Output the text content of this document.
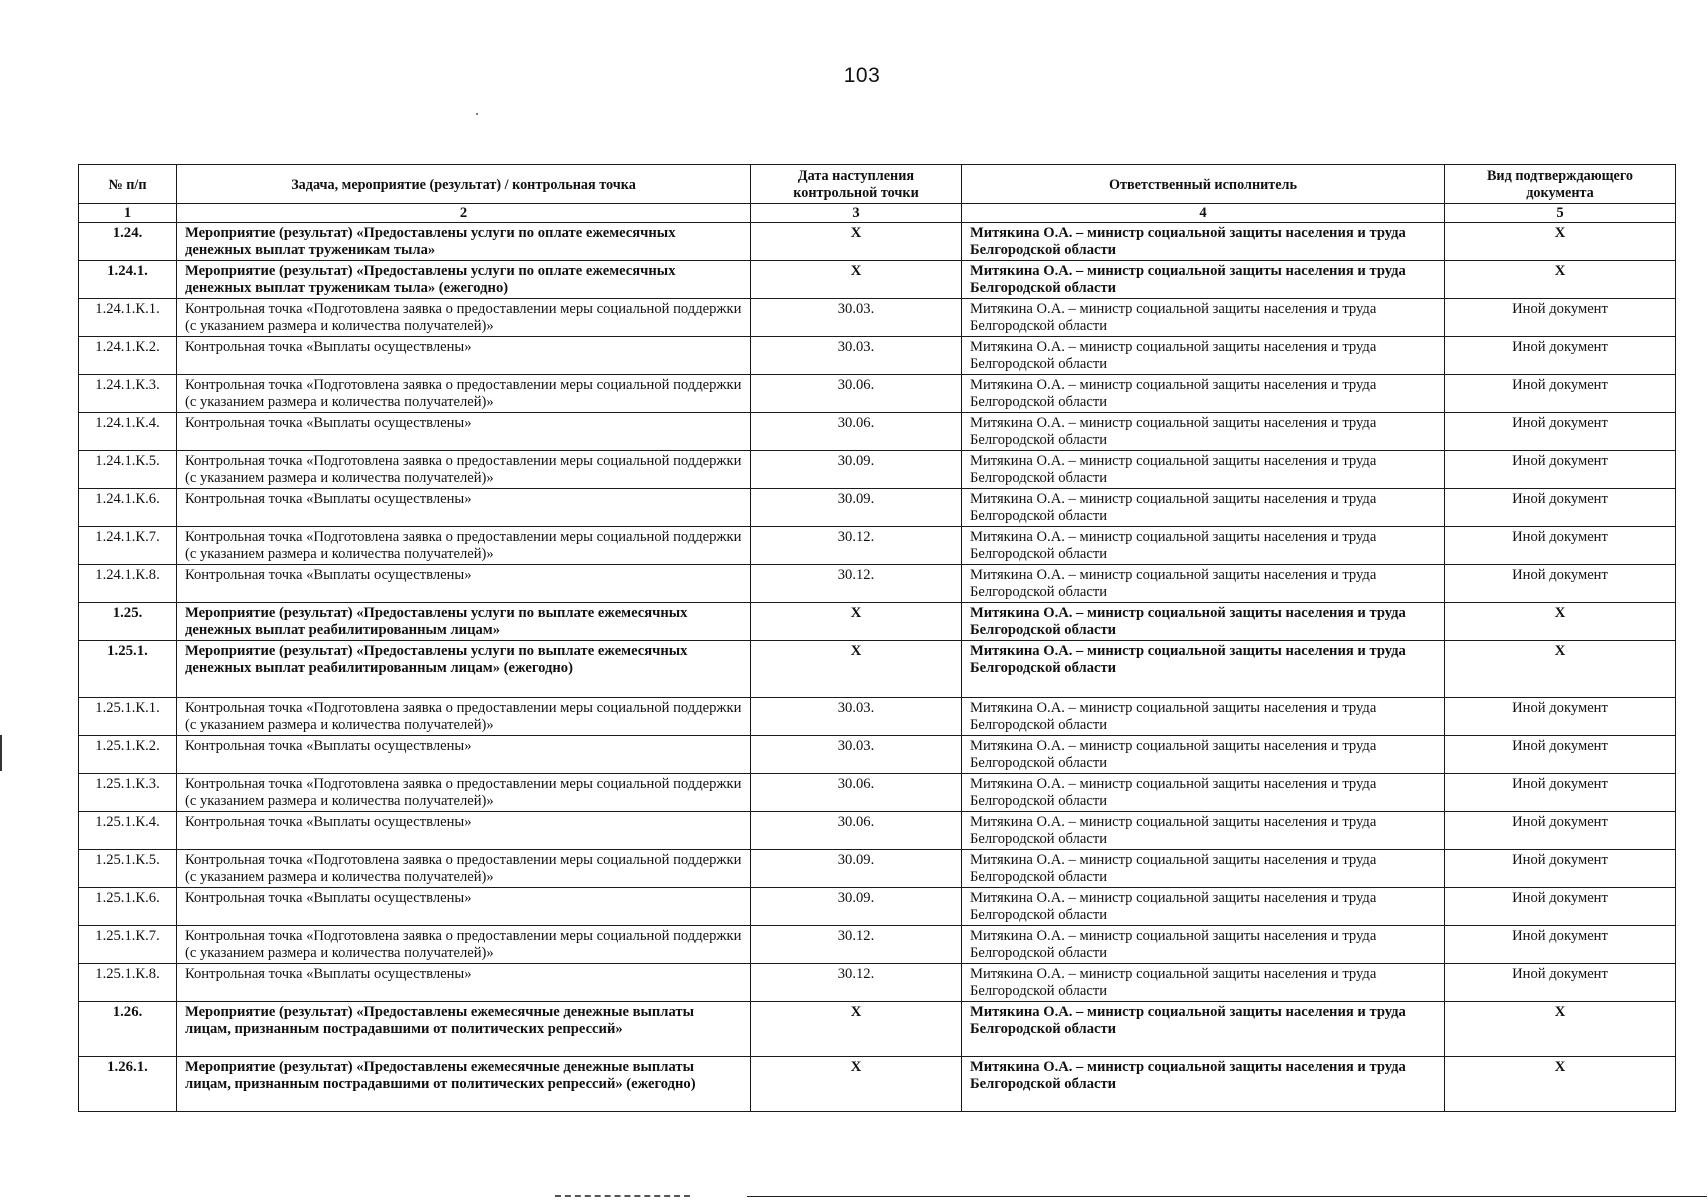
103
№ п/п	Задача, мероприятие (результат) / контрольная точка	Дата наступления контрольной точки	Ответственный исполнитель	Вид подтверждающего документа
1	2	3	4	5
1.24.	Мероприятие (результат) «Предоставлены услуги по оплате ежемесячных денежных выплат труженикам тыла»	Х	Митякина О.А. – министр социальной защиты населения и труда Белгородской области	Х
1.24.1.	Мероприятие (результат) «Предоставлены услуги по оплате ежемесячных денежных выплат труженикам тыла» (ежегодно)	Х	Митякина О.А. – министр социальной защиты населения и труда Белгородской области	Х
1.24.1.К.1.	Контрольная точка «Подготовлена заявка о предоставлении меры социальной поддержки (с указанием размера и количества получателей)»	30.03.	Митякина О.А. – министр социальной защиты населения и труда Белгородской области	Иной документ
1.24.1.К.2.	Контрольная точка «Выплаты осуществлены»	30.03.	Митякина О.А. – министр социальной защиты населения и труда Белгородской области	Иной документ
1.24.1.К.3.	Контрольная точка «Подготовлена заявка о предоставлении меры социальной поддержки (с указанием размера и количества получателей)»	30.06.	Митякина О.А. – министр социальной защиты населения и труда Белгородской области	Иной документ
1.24.1.К.4.	Контрольная точка «Выплаты осуществлены»	30.06.	Митякина О.А. – министр социальной защиты населения и труда Белгородской области	Иной документ
1.24.1.К.5.	Контрольная точка «Подготовлена заявка о предоставлении меры социальной поддержки (с указанием размера и количества получателей)»	30.09.	Митякина О.А. – министр социальной защиты населения и труда Белгородской области	Иной документ
1.24.1.К.6.	Контрольная точка «Выплаты осуществлены»	30.09.	Митякина О.А. – министр социальной защиты населения и труда Белгородской области	Иной документ
1.24.1.К.7.	Контрольная точка «Подготовлена заявка о предоставлении меры социальной поддержки (с указанием размера и количества получателей)»	30.12.	Митякина О.А. – министр социальной защиты населения и труда Белгородской области	Иной документ
1.24.1.К.8.	Контрольная точка «Выплаты осуществлены»	30.12.	Митякина О.А. – министр социальной защиты населения и труда Белгородской области	Иной документ
1.25.	Мероприятие (результат) «Предоставлены услуги по выплате ежемесячных денежных выплат реабилитированным лицам»	Х	Митякина О.А. – министр социальной защиты населения и труда Белгородской области	Х
1.25.1.	Мероприятие (результат) «Предоставлены услуги по выплате ежемесячных денежных выплат реабилитированным лицам» (ежегодно)	Х	Митякина О.А. – министр социальной защиты населения и труда Белгородской области	Х
1.25.1.К.1.	Контрольная точка «Подготовлена заявка о предоставлении меры социальной поддержки (с указанием размера и количества получателей)»	30.03.	Митякина О.А. – министр социальной защиты населения и труда Белгородской области	Иной документ
1.25.1.К.2.	Контрольная точка «Выплаты осуществлены»	30.03.	Митякина О.А. – министр социальной защиты населения и труда Белгородской области	Иной документ
1.25.1.К.3.	Контрольная точка «Подготовлена заявка о предоставлении меры социальной поддержки (с указанием размера и количества получателей)»	30.06.	Митякина О.А. – министр социальной защиты населения и труда Белгородской области	Иной документ
1.25.1.К.4.	Контрольная точка «Выплаты осуществлены»	30.06.	Митякина О.А. – министр социальной защиты населения и труда Белгородской области	Иной документ
1.25.1.К.5.	Контрольная точка «Подготовлена заявка о предоставлении меры социальной поддержки (с указанием размера и количества получателей)»	30.09.	Митякина О.А. – министр социальной защиты населения и труда Белгородской области	Иной документ
1.25.1.К.6.	Контрольная точка «Выплаты осуществлены»	30.09.	Митякина О.А. – министр социальной защиты населения и труда Белгородской области	Иной документ
1.25.1.К.7.	Контрольная точка «Подготовлена заявка о предоставлении меры социальной поддержки (с указанием размера и количества получателей)»	30.12.	Митякина О.А. – министр социальной защиты населения и труда Белгородской области	Иной документ
1.25.1.К.8.	Контрольная точка «Выплаты осуществлены»	30.12.	Митякина О.А. – министр социальной защиты населения и труда Белгородской области	Иной документ
1.26.	Мероприятие (результат) «Предоставлены ежемесячные денежные выплаты лицам, признанным пострадавшими от политических репрессий»	Х	Митякина О.А. – министр социальной защиты населения и труда Белгородской области	Х
1.26.1.	Мероприятие (результат) «Предоставлены ежемесячные денежные выплаты лицам, признанным пострадавшими от политических репрессий» (ежегодно)	Х	Митякина О.А. – министр социальной защиты населения и труда Белгородской области	Х
